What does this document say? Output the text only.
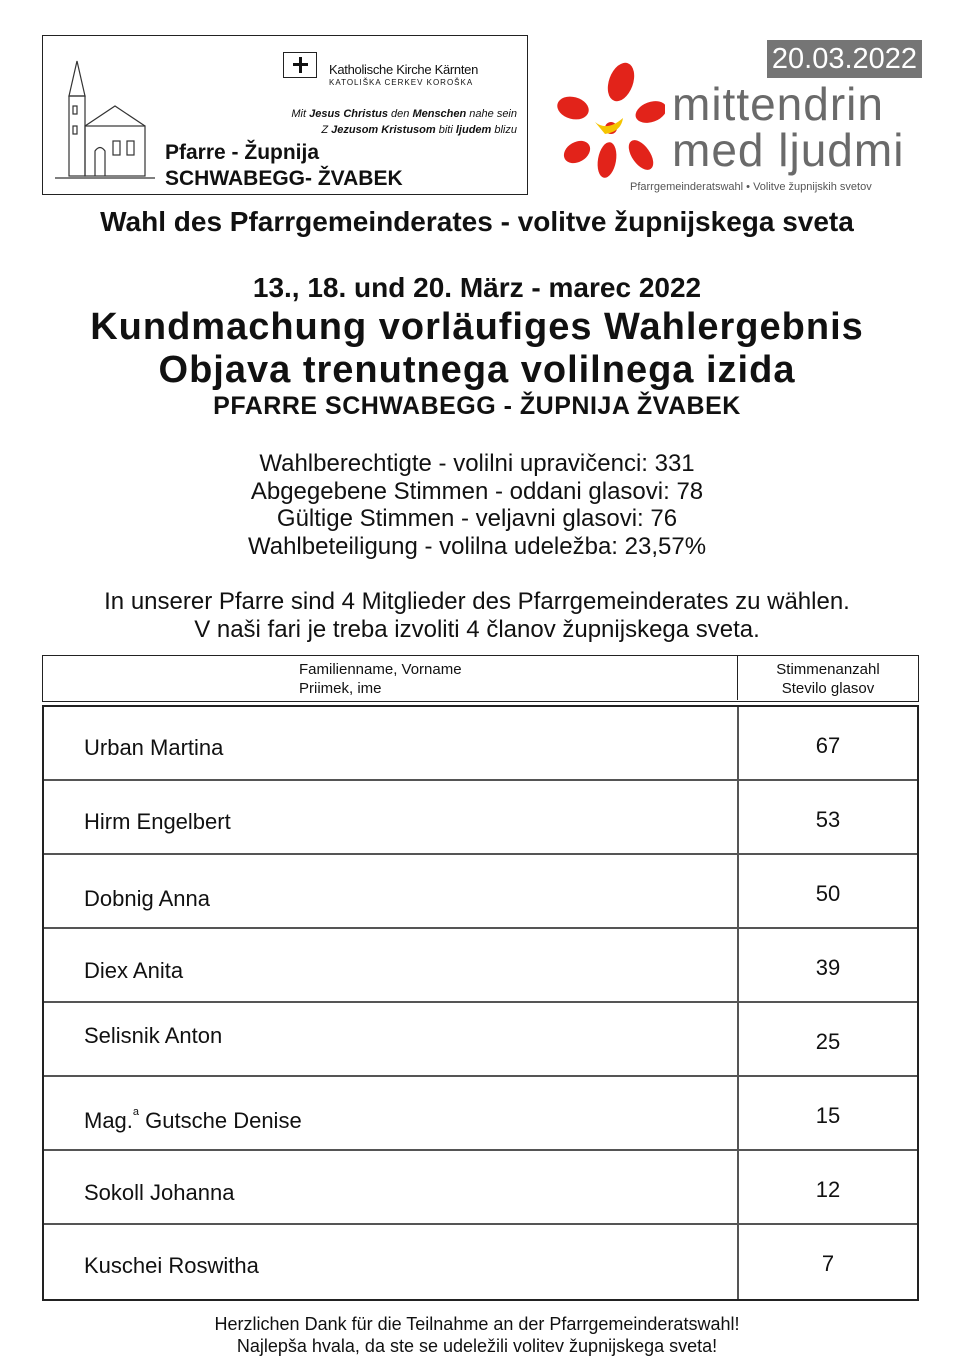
Katholische Kirche Kärnten
KATOLIŠKA CERKEV KOROŠKA
Mit Jesus Christus den Menschen nahe sein
Z Jezusom Kristusom biti ljudem blizu
Pfarre - Župnija
SCHWABEGG- ŽVABEK
20.03.2022
mittendrin
med ljudmi
Pfarrgemeinderatswahl • Volitve župnijskih svetov
Wahl des Pfarrgemeinderates - volitve župnijskega sveta
13., 18. und 20. März - marec 2022
Kundmachung vorläufiges Wahlergebnis
Objava trenutnega volilnega izida
PFARRE SCHWABEGG - ŽUPNIJA ŽVABEK
Wahlberechtigte - volilni upravičenci: 331
Abgegebene Stimmen - oddani glasovi: 78
Gültige Stimmen - veljavni glasovi: 76
Wahlbeteiligung - volilna udeležba: 23,57%
In unserer Pfarre sind 4 Mitglieder des Pfarrgemeinderates zu wählen.
V naši fari je treba izvoliti 4 članov župnijskega sveta.
Familienname, Vorname
Priimek, ime
Stimmenanzahl
Stevilo glasov
Urban Martina	67
Hirm Engelbert	53
Dobnig Anna	50
Diex Anita	39
Selisnik Anton	25
Mag.$^a$ Gutsche Denise	15
Sokoll Johanna	12
Kuschei Roswitha	7
Herzlichen Dank für die Teilnahme an der Pfarrgemeinderatswahl!
Najlepša hvala, da ste se udeležili volitev župnijskega sveta!
